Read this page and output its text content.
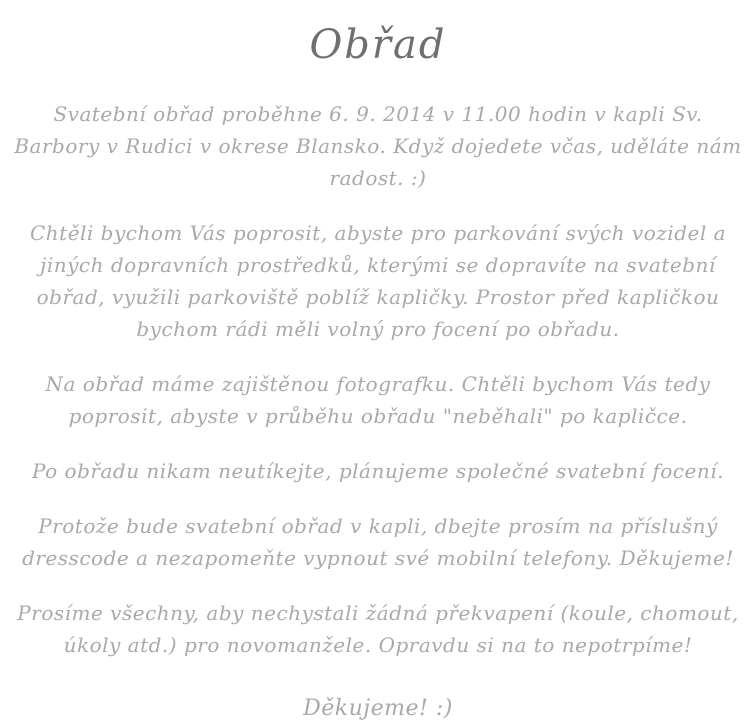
Obřad

Svatební obřad proběhne 6. 9. 2014 v 11.00 hodin v kapli Sv. Barbory v Rudici v okrese Blansko. Když dojedete včas, uděláte nám radost. :)

Chtěli bychom Vás poprosit, abyste pro parkování svých vozidel a jiných dopravních prostředků, kterými se dopravíte na svatební obřad, využili parkoviště poblíž kapličky. Prostor před kapličkou bychom rádi měli volný pro focení po obřadu.

Na obřad máme zajištěnou fotografku. Chtěli bychom Vás tedy poprosit, abyste v průběhu obřadu "neběhali" po kapličce.

Po obřadu nikam neutíkejte, plánujeme společné svatební focení.

Protože bude svatební obřad v kapli, dbejte prosím na příslušný dresscode a nezapomeňte vypnout své mobilní telefony. Děkujeme!

Prosíme všechny, aby nechystali žádná překvapení (koule, chomout, úkoly atd.) pro novomanžele. Opravdu si na to nepotrpíme!

Děkujeme! :)
